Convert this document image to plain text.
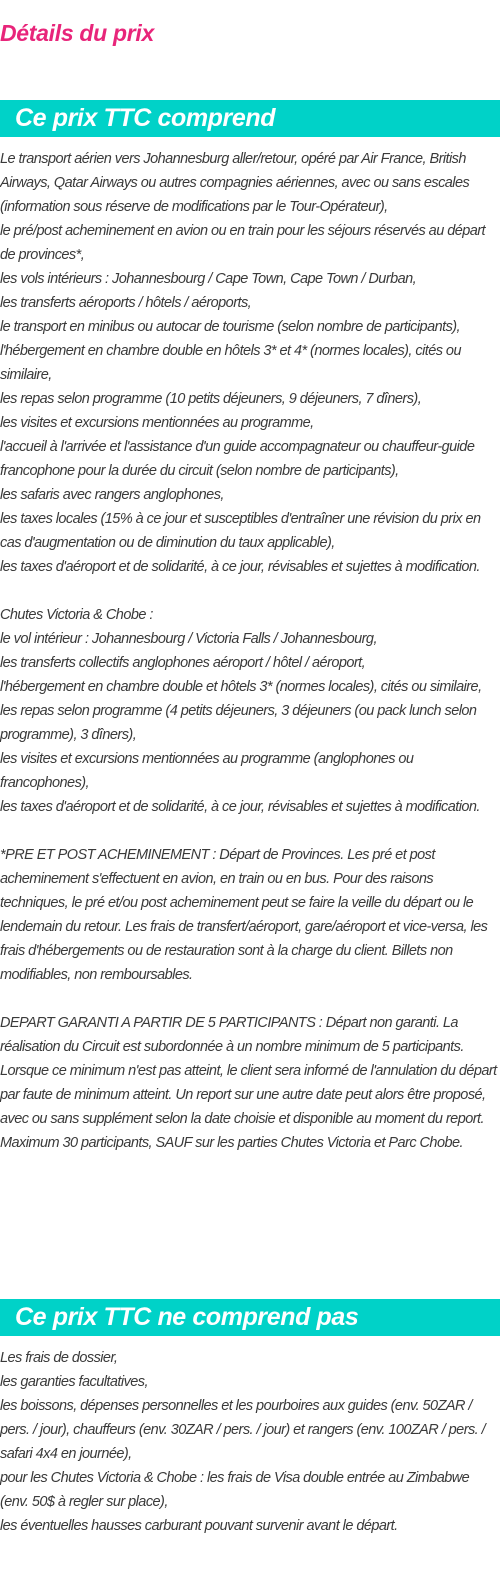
Détails du prix
Ce prix TTC comprend

Le transport aérien vers Johannesburg aller/retour, opéré par Air France, British Airways, Qatar Airways ou autres compagnies aériennes, avec ou sans escales (information sous réserve de modifications par le Tour-Opérateur),
le pré/post acheminement en avion ou en train pour les séjours réservés au départ de provinces*,
les vols intérieurs : Johannesbourg / Cape Town, Cape Town / Durban,
les transferts aéroports / hôtels / aéroports,
le transport en minibus ou autocar de tourisme (selon nombre de participants),
l'hébergement en chambre double en hôtels 3* et 4* (normes locales), cités ou similaire,
les repas selon programme (10 petits déjeuners, 9 déjeuners, 7 dîners),
les visites et excursions mentionnées au programme,
l'accueil à l'arrivée et l'assistance d'un guide accompagnateur ou chauffeur-guide francophone pour la durée du circuit (selon nombre de participants),
les safaris avec rangers anglophones,
les taxes locales (15% à ce jour et susceptibles d'entraîner une révision du prix en cas d'augmentation ou de diminution du taux applicable),
les taxes d'aéroport et de solidarité, à ce jour, révisables et sujettes à modification.

Chutes Victoria & Chobe :
le vol intérieur : Johannesbourg / Victoria Falls / Johannesbourg,
les transferts collectifs anglophones aéroport / hôtel / aéroport,
l'hébergement en chambre double et hôtels 3* (normes locales), cités ou similaire,
les repas selon programme (4 petits déjeuners, 3 déjeuners (ou pack lunch selon programme), 3 dîners),
les visites et excursions mentionnées au programme (anglophones ou francophones),
les taxes d'aéroport et de solidarité, à ce jour, révisables et sujettes à modification.

*PRE ET POST ACHEMINEMENT : Départ de Provinces. Les pré et post acheminement s'effectuent en avion, en train ou en bus. Pour des raisons techniques, le pré et/ou post acheminement peut se faire la veille du départ ou le lendemain du retour. Les frais de transfert/aéroport, gare/aéroport et vice-versa, les frais d'hébergements ou de restauration sont à la charge du client. Billets non modifiables, non remboursables.

DEPART GARANTI A PARTIR DE 5 PARTICIPANTS : Départ non garanti. La réalisation du Circuit est subordonnée à un nombre minimum de 5 participants. Lorsque ce minimum n'est pas atteint, le client sera informé de l'annulation du départ par faute de minimum atteint. Un report sur une autre date peut alors être proposé, avec ou sans supplément selon la date choisie et disponible au moment du report. Maximum 30 participants, SAUF sur les parties Chutes Victoria et Parc Chobe.

Ce prix TTC ne comprend pas

Les frais de dossier,
les garanties facultatives,
les boissons, dépenses personnelles et les pourboires aux guides (env. 50ZAR / pers. / jour), chauffeurs (env. 30ZAR / pers. / jour) et rangers (env. 100ZAR / pers. / safari 4x4 en journée),
pour les Chutes Victoria & Chobe : les frais de Visa double entrée au Zimbabwe (env. 50$ à regler sur place),
les éventuelles hausses carburant pouvant survenir avant le départ.
